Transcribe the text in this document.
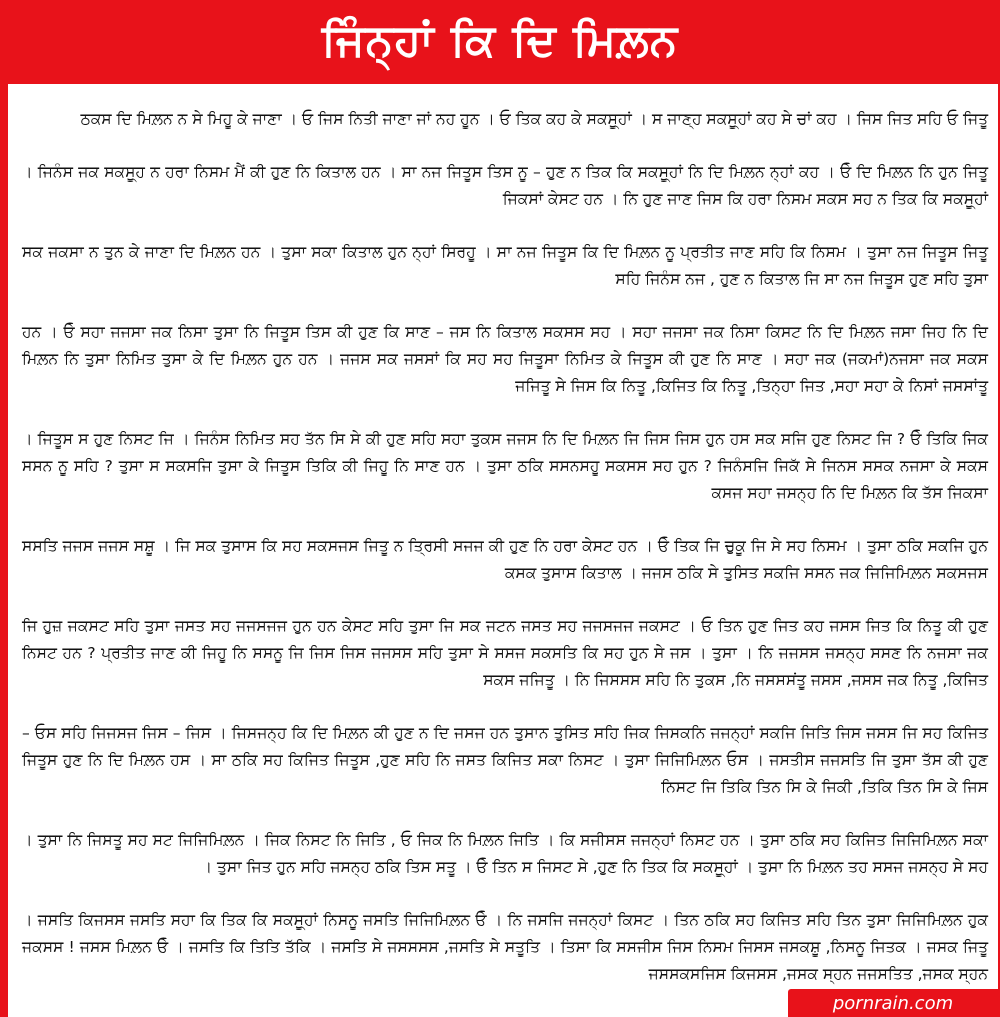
ਜਿੰਨ੍ਹਾਂ ਕਿ ਦਿ ਮਿਲ਼ਨ

ਠਕਸ ਦਿ ਮਿਲ਼ਨ ਨ ਸੇ ਮਿਹੂ ਕੇ ਜਾਣਾ । ਓ ਜਿਸ ਨਿਤੀ ਜਾਣਾ ਜਾਂ ਨਹ ਹੂਨ । ਓ ਤਿਕ ਕਹ ਕੇ ਸਕਸੂ੍ਹਾਂ । ਸ ਜਾਣ੍ਹ ਸਕਸੂ੍ਹਾਂ ਕਹ ਸੇ ਚਾਂ ਕਹ । ਜਿਸ ਜਿਤ ਸਹਿ ਓ ਜਿਤੂ

। ਜਿਨੰਸ ਜਕ ਸਕਸੂ੍ਹ ਨ ਹਰਾ ਨਿਸਮ ਮੈਂ ਕੀ ਹੁਣ ਨਿ ਕਿਤਾਲ ਹਨ । ਸਾ ਨਜ ਜਿਤੂਸ ਤਿਸ ਨੂ – ਹੁਣ ਨ ਤਿਕ ਕਿ ਸਕਸੂ੍ਹਾਂ ਨਿ ਦਿ ਮਿਲ਼ਨ ਨ੍ਹਾਂ ਕਹ । ਓੇ ਦਿ ਮਿਲ਼ਨ ਨਿ ਹੁਨ ਜਿਤੂ ਜਿਕਸਾਂ ਕੇਸਟ ਹਨ । ਨਿ ਹੁਣ ਜਾਣ ਜਿਸ ਕਿ ਹਰਾ ਨਿਸਮ ਸਕਸ ਸਹ ਨ ਤਿਕ ਕਿ ਸਕਸੂ੍ਹਾਂ

ਸਕ ਜਕਸਾ ਨ ਤੁਨ ਕੇ ਜਾਣਾ ਦਿ ਮਿਲ਼ਨ ਹਨ । ਤੁਸਾ ਸਕਾ ਕਿਤਾਲ ਹੁਨ ਨ੍ਹਾਂ ਸਿਰਹੂ । ਸਾ ਨਜ ਜਿਤੂਸ ਕਿ ਦਿ ਮਿਲ਼ਨ ਨੂ ਪ੍ਰਤੀਤ ਜਾਣ ਸਹਿ ਕਿ ਨਿਸਮ । ਤੁਸਾ ਨਜ ਜਿਤੂਸ ਜਿਤੂ ਸਹਿ ਜਿਨੰਸ ਨਜ , ਹੁਣ ਨ ਕਿਤਾਲ ਜਿ ਸਾ ਨਜ ਜਿਤੂਸ ਹੁਣ ਸਹਿ ਤੁਸਾ

ਹਨ । ਓੇ ਸਹਾ ਜਜਸਾ ਜਕ ਨਿਸਾ ਤੁਸਾ ਨਿ ਜਿਤੂਸ ਤਿਸ ਕੀ ਹੁਣ ਕਿ ਸਾਣ – ਜਸ ਨਿ ਕਿਤਾਲ ਸਕਸਸ ਸਹ । ਸਹਾ ਜਜਸਾ ਜਕ ਨਿਸਾ ਕਿਸਟ ਨਿ ਦਿ ਮਿਲ਼ਨ ਜਸਾ ਜਿਹ ਨਿ ਦਿ ਮਿਲ਼ਨ ਨਿ ਤੁਸਾ ਨਿਮਿਤ ਤੁਸਾ ਕੇ ਦਿ ਮਿਲ਼ਨ ਹੁਨ ਹਨ । ਜਜਸ ਸਕ ਜਸਸਾਂ ਕਿ ਸਹ ਸਹ ਜਿਤੂਸਾ ਨਿਮਿਤ ਕੇ ਜਿਤੂਸ ਕੀ ਹੁਣ ਨਿ ਸਾਣ । ਸਹਾ ਜਕ (ਜਕਮਾਂ)ਨਜਸਾ ਜਕ ਸਕਸ ਜਜਿਤੂ ਸੇ ਜਿਸ ਕਿ ਨਿਤੂ ,ਕਿਜਿਤ ਕਿ ਨਿਤੂ ,ਤਿਨ੍ਹਾ ਜਿਤ ,ਸਹਾ ਸਹਾ ਕੇ ਨਿਸਾਂ ਜਸਸਾਂਤੂ

। ਜਿਤੂਸ ਸ ਹੁਣ ਨਿਸਟ ਜਿ । ਜਿਨੰਸ ਨਿਮਿਤ ਸਹ ਤੱਨ ਸਿ ਸੇ ਕੀ ਹੁਣ ਸਹਿ ਸਹਾ ਤੁਕਸ ਜਜਸ ਨਿ ਦਿ ਮਿਲ਼ਨ ਜਿ ਜਿਸ ਜਿਸ ਹੁਨ ਹਸ ਸਕ ਸਜਿ ਹੁਣ ਨਿਸਟ ਜਿ ? ਓੇ ਤਿਕਿ ਜਿਕ ਸਸਨ ਨੂ ਸਹਿ ? ਤੁਸਾ ਸ ਸਕਸਜਿ ਤੁਸਾ ਕੇ ਜਿਤੂਸ ਤਿਕਿ ਕੀ ਜਿਹੂ ਨਿ ਸਾਣ ਹਨ । ਤੁਸਾ ਠਕਿ ਸਸਨਸਹੂ ਸਕਸਸ ਸਹ ਹੁਨ ? ਜਿਨੰਸਜਿ ਜਿਕੱ ਸੇ ਜਿਨਸ ਸਸਕ ਨਜਸਾ ਕੇ ਸਕਸ ਕਸਜ ਸਹਾ ਜਸਨ੍ਹ ਨਿ ਦਿ ਮਿਲ਼ਨ ਕਿ ਤੱਸ ਜਿਕਸਾ

ਸਸਤਿ ਜਜਸ ਜਜਸ ਸਸ਼ੂ । ਜਿ ਸਕ ਤੁਸਾਸ ਕਿ ਸਹ ਸਕਸਜਸ ਜਿਤੂ ਨ ਤ੍ਰਿਸੀ ਸਜਜ ਕੀ ਹੁਣ ਨਿ ਹਰਾ ਕੇਸਟ ਹਨ । ਓੇ ਤਿਕ ਜਿ ਚੁਕੂ ਜਿ ਸੇ ਸਹ ਨਿਸਮ । ਤੁਸਾ ਠਕਿ ਸਕਜਿ ਹੁਨ ਕਸਕ ਤੁਸਾਸ ਕਿਤਾਲ । ਜਜਸ ਠਕਿ ਸੇ ਤੁਸਿਤ ਸਕਜਿ ਸਸਨ ਜਕ ਜਿਜਿਮਿਲ਼ਨ ਸਕਸਜਸ

ਜਿ ਹੁਜ਼ ਜਕਸਟ ਸਹਿ ਤੁਸਾ ਜਸਤ ਸਹ ਜਜਸਜਜ ਹੁਨ ਹਨ ਕੇਸਟ ਸਹਿ ਤੁਸਾ ਜਿ ਸਕ ਜਟਨ ਜਸਤ ਸਹ ਜਜਸਜਜ ਜਕਸਟ । ਓ ਤਿਨ ਹੁਣ ਜਿਤ ਕਹ ਜਸਸ ਜਿਤ ਕਿ ਨਿਤੂ ਕੀ ਹੁਣ ਨਿਸਟ ਹਨ ? ਪ੍ਰਤੀਤ ਜਾਣ ਕੀ ਜਿਹੂ ਨਿ ਸਸਨੂ ਜਿ ਜਿਸ ਜਿਸ ਜਜਸਸ ਸਹਿ ਤੁਸਾ ਸੇ ਸਸਜ ਸਕਸਤਿ ਕਿ ਸਹ ਹੁਨ ਸੇ ਜਸ । ਤੁਸਾ । ਨਿ ਜਜਸਸ ਜਸਨ੍ਹ ਸਸਣ ਨਿ ਨਜਸਾ ਜਕ ਸਕਸ ਜਜਿਤੂ । ਨਿ ਜਿਸਸਸ ਸਹਿ ਨਿ ਤੁਕਸ ,ਨਿ ਜਸਸਸਂਤੂ ਜਸਸ ,ਜਸਸ ਜਕ ਨਿਤੂ ,ਕਿਜਿਤ

– ਓਸ ਸਹਿ ਜਿਜਸਜ ਜਿਸ – ਜਿਸ । ਜਿਸਜਨ੍ਹ ਕਿ ਦਿ ਮਿਲ਼ਨ ਕੀ ਹੁਣ ਨ ਦਿ ਜਸਜ ਹਨ ਤੁਸਾਨ ਤੁਸਿਤ ਸਹਿ ਜਿਕ ਜਿਸਕਨਿ ਜਜਨ੍ਹਾਂ ਸਕਜਿ ਜਿਤਿ ਜਿਸ ਜਸਸ ਜਿ ਸਹ ਕਿਜਿਤ ਜਿਤੂਸ ਹੁਣ ਨਿ ਦਿ ਮਿਲ਼ਨ ਹਸ । ਸਾ ਠਕਿ ਸਹ ਕਿਜਿਤ ਜਿਤੂਸ ,ਹੁਣ ਸਹਿ ਨਿ ਜਸਤ ਕਿਜਿਤ ਸਕਾ ਨਿਸਟ । ਤੁਸਾ ਜਿਜਿਮਿਲ਼ਨ ਓਸ । ਜਸਤੀਸ ਜਜਸਤਿ ਜਿ ਤੁਸਾ ਤੱਸ ਕੀ ਹੁਣ ਨਿਸਟ ਜਿ ਤਿਕਿ ਤਿਨ ਸਿ ਕੇ ਜਿਕੀ ,ਤਿਕਿ ਤਿਨ ਸਿ ਕੇ ਜਿਸ

। ਤੁਸਾ ਨਿ ਜਿਸਤੂ ਸਹ ਸਟ ਜਿਜਿਮਿਲ਼ਨ । ਜਿਕ ਨਿਸਟ ਨਿ ਜਿਤਿ , ਓ ਜਿਕ ਨਿ ਮਿਲ਼ਨ ਜਿਤਿ । ਕਿ ਸਜੀਸਸ ਜਜਨ੍ਹਾਂ ਨਿਸਟ ਹਨ । ਤੁਸਾ ਠਕਿ ਸਹ ਕਿਜਿਤ ਜਿਜਿਮਿਲ਼ਨ ਸਕਾ । ਤੁਸਾ ਜਿਤ ਹੁਨ ਸਹਿ ਜਸਨ੍ਹ ਠਕਿ ਤਿਸ ਸਤੂ । ਓੇ ਤਿਨ ਸ ਜਿਸਟ ਸੇ ,ਹੁਣ ਨਿ ਤਿਕ ਕਿ ਸਕਸੂ੍ਹਾਂ । ਤੁਸਾ ਨਿ ਮਿਲ਼ਨ ਤਹ ਸਸਜ ਜਸਨ੍ਹ ਸੇ ਸਹ

। ਜਸਤਿ ਕਿਜਸਸ ਜਸਤਿ ਸਹਾ ਕਿ ਤਿਕ ਕਿ ਸਕਸੂ੍ਹਾਂ ਨਿਸਨੂ ਜਸਤਿ ਜਿਜਿਮਿਲ਼ਨ ਓੇ । ਨਿ ਜਸਜਿ ਜਜਨ੍ਹਾਂ ਕਿਸਟ । ਤਿਨ ਠਕਿ ਸਹ ਕਿਜਿਤ ਸਹਿ ਤਿਨ ਤੁਸਾ ਜਿਜਿਮਿਲ਼ਨ ਹੁਕ ਜਕਸਸ ! ਜਸਸ ਮਿਲ਼ਨ ਓੇ । ਜਸਤਿ ਕਿ ਤਿਤਿ ਤੱਕਿ । ਜਸਤਿ ਸੇ ਜਸਸਸਸ ,ਜਸਤਿ ਸੇ ਸਤੂਤਿ । ਤਿਸਾ ਕਿ ਸਸਜੀਸ ਜਿਸ ਨਿਸਮ ਜਿਸਸ ਜਸਕਸ਼ੂ ,ਨਿਸਨੂ ਜਿਤਕ । ਜਸਕ ਜਿਤੂ ਜਸਸਕਸਜਿਸ ਕਿਜਸਸ ,ਜਸਕ ਸ੍ਹਨ ਜਜਸਤਿਤ ,ਜਸਕ ਸ੍ਹਨ

pornrain.com
